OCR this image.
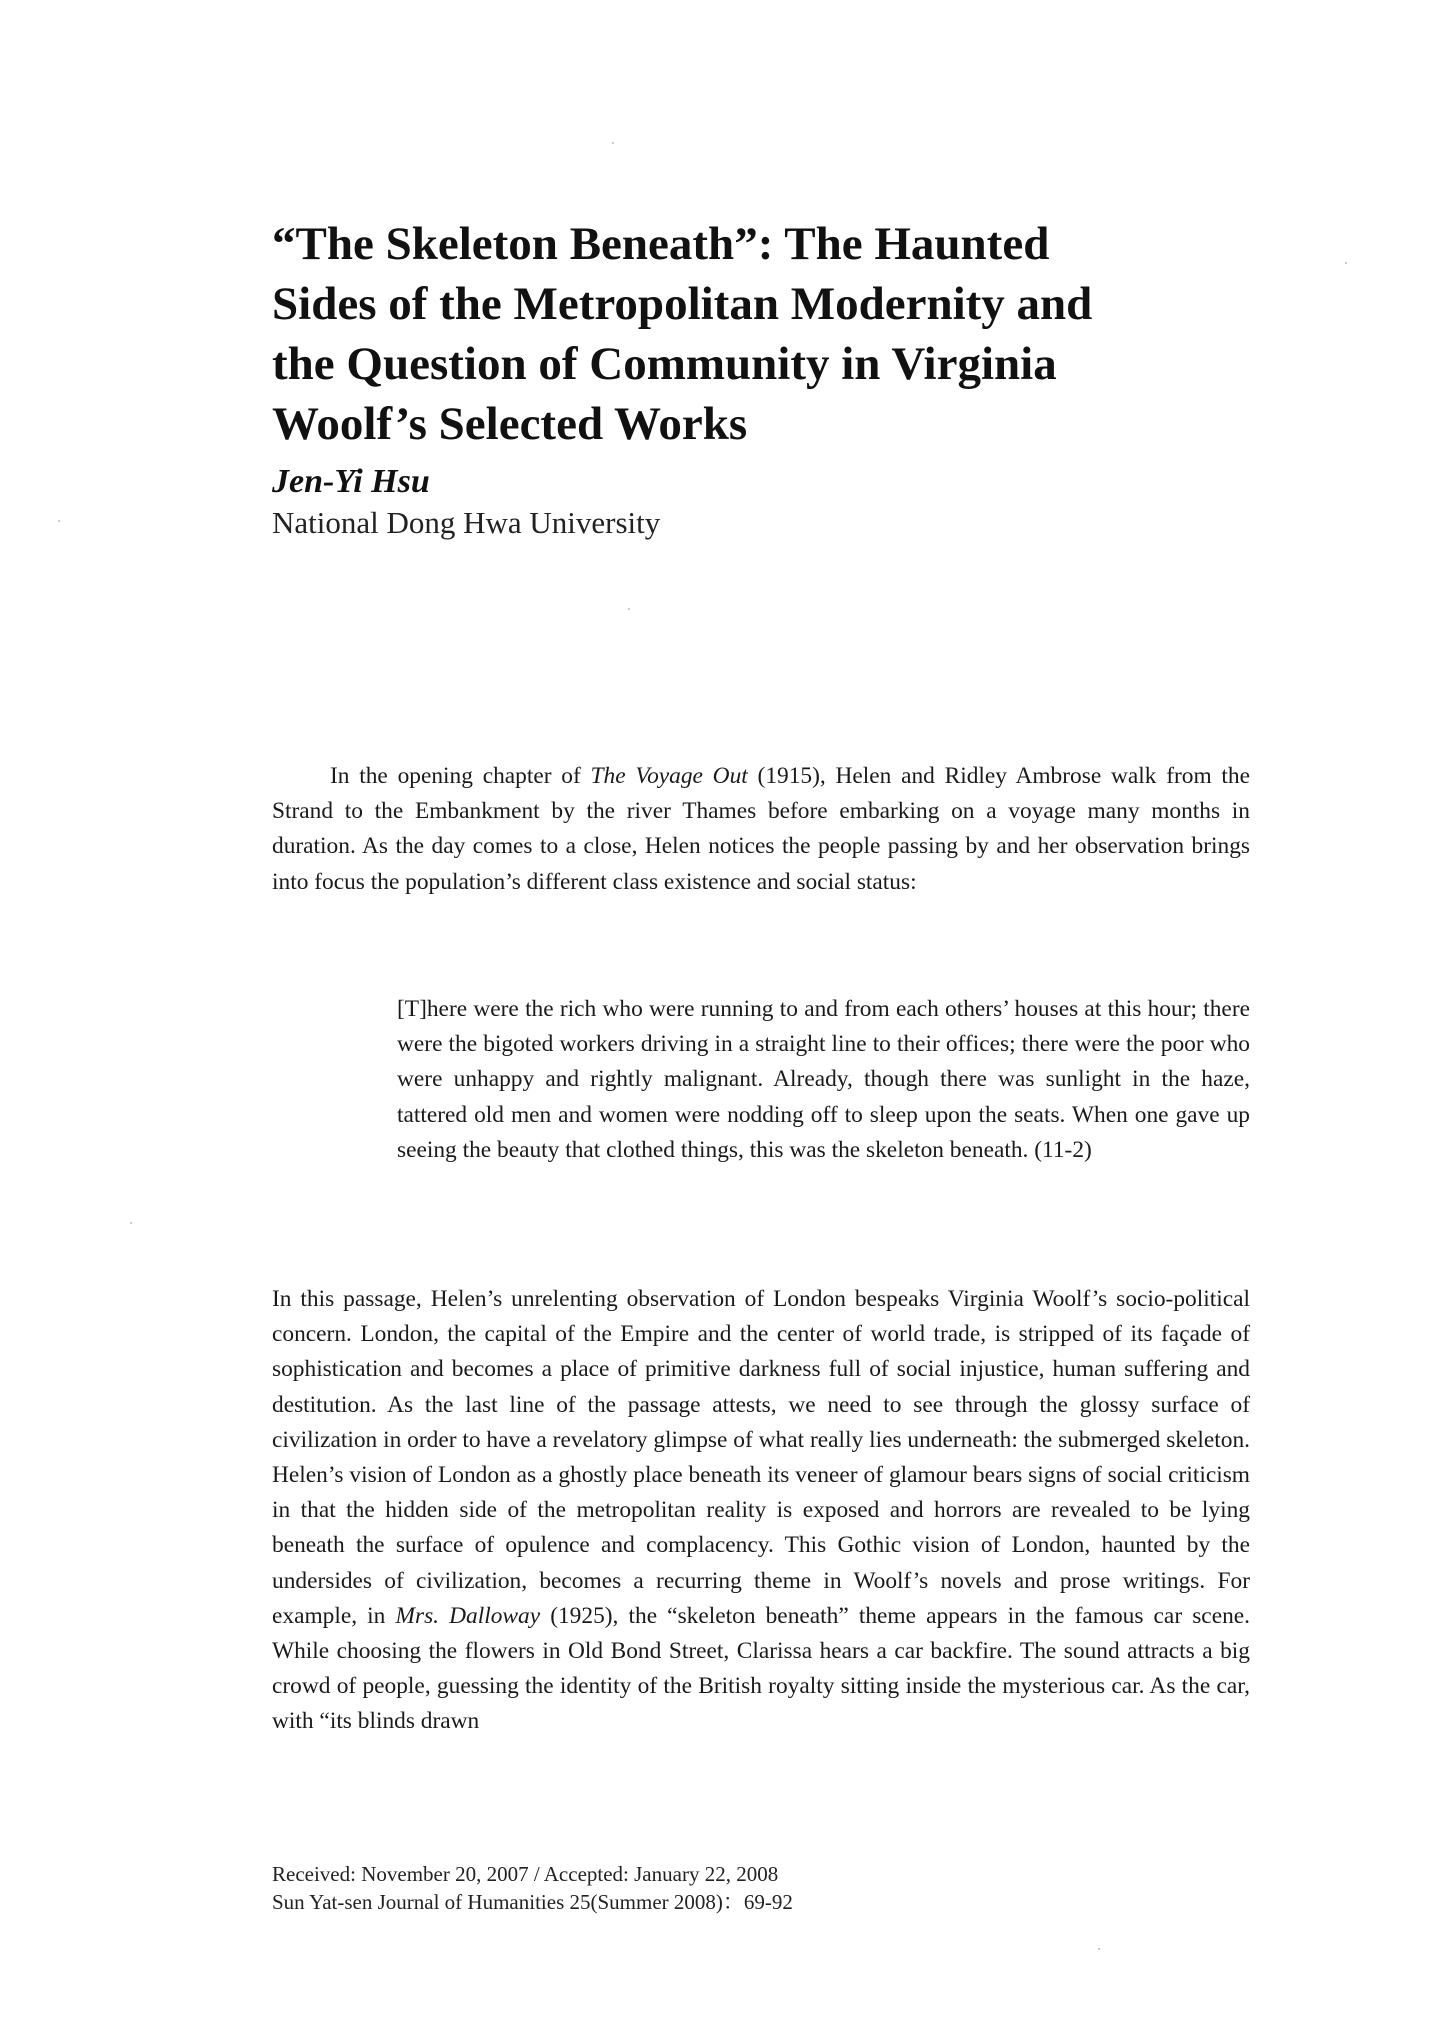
“The Skeleton Beneath”: The Haunted
Sides of the Metropolitan Modernity and
the Question of Community in Virginia
Woolf’s Selected Works

Jen-Yi Hsu

National Dong Hwa University

In the opening chapter of The Voyage Out (1915), Helen and Ridley Ambrose walk from the Strand to the Embankment by the river Thames before embarking on a voyage many months in duration. As the day comes to a close, Helen notices the people passing by and her observation brings into focus the population’s different class existence and social status:

[T]here were the rich who were running to and from each others’ houses at this hour; there were the bigoted workers driving in a straight line to their offices; there were the poor who were unhappy and rightly malignant. Already, though there was sunlight in the haze, tattered old men and women were nodding off to sleep upon the seats. When one gave up seeing the beauty that clothed things, this was the skeleton beneath. (11-2)

In this passage, Helen’s unrelenting observation of London bespeaks Virginia Woolf’s socio-political concern. London, the capital of the Empire and the center of world trade, is stripped of its façade of sophistication and becomes a place of primitive darkness full of social injustice, human suffering and destitution. As the last line of the passage attests, we need to see through the glossy surface of civilization in order to have a revelatory glimpse of what really lies underneath: the submerged skeleton. Helen’s vision of London as a ghostly place beneath its veneer of glamour bears signs of social criticism in that the hidden side of the metropolitan reality is exposed and horrors are revealed to be lying beneath the surface of opulence and complacency. This Gothic vision of London, haunted by the undersides of civilization, becomes a recurring theme in Woolf’s novels and prose writings. For example, in Mrs. Dalloway (1925), the “skeleton beneath” theme appears in the famous car scene. While choosing the flowers in Old Bond Street, Clarissa hears a car backfire. The sound attracts a big crowd of people, guessing the identity of the British royalty sitting inside the mysterious car. As the car, with “its blinds drawn

Received: November 20, 2007 / Accepted: January 22, 2008
Sun Yat-sen Journal of Humanities 25(Summer 2008)：69-92
